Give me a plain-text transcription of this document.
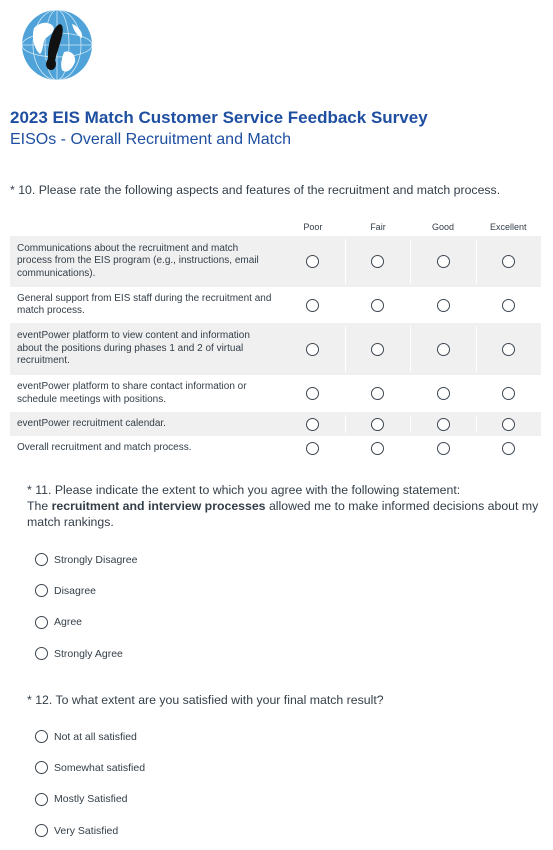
2023 EIS Match Customer Service Feedback Survey
EISOs - Overall Recruitment and Match

* 10. Please rate the following aspects and features of the recruitment and match process.

	Poor	Fair	Good	Excellent
Communications about the recruitment and match process from the EIS program (e.g., instructions, email communications).				
General support from EIS staff during the recruitment and match process.				
eventPower platform to view content and information about the positions during phases 1 and 2 of virtual recruitment.				
eventPower platform to share contact information or schedule meetings with positions.				
eventPower recruitment calendar.				
Overall recruitment and match process.				
* 11. Please indicate the extent to which you agree with the following statement:
The recruitment and interview processes allowed me to make informed decisions about my match rankings.
Strongly Disagree
Disagree
Agree
Strongly Agree

* 12. To what extent are you satisfied with your final match result?

Not at all satisfied
Somewhat satisfied
Mostly Satisfied
Very Satisfied
